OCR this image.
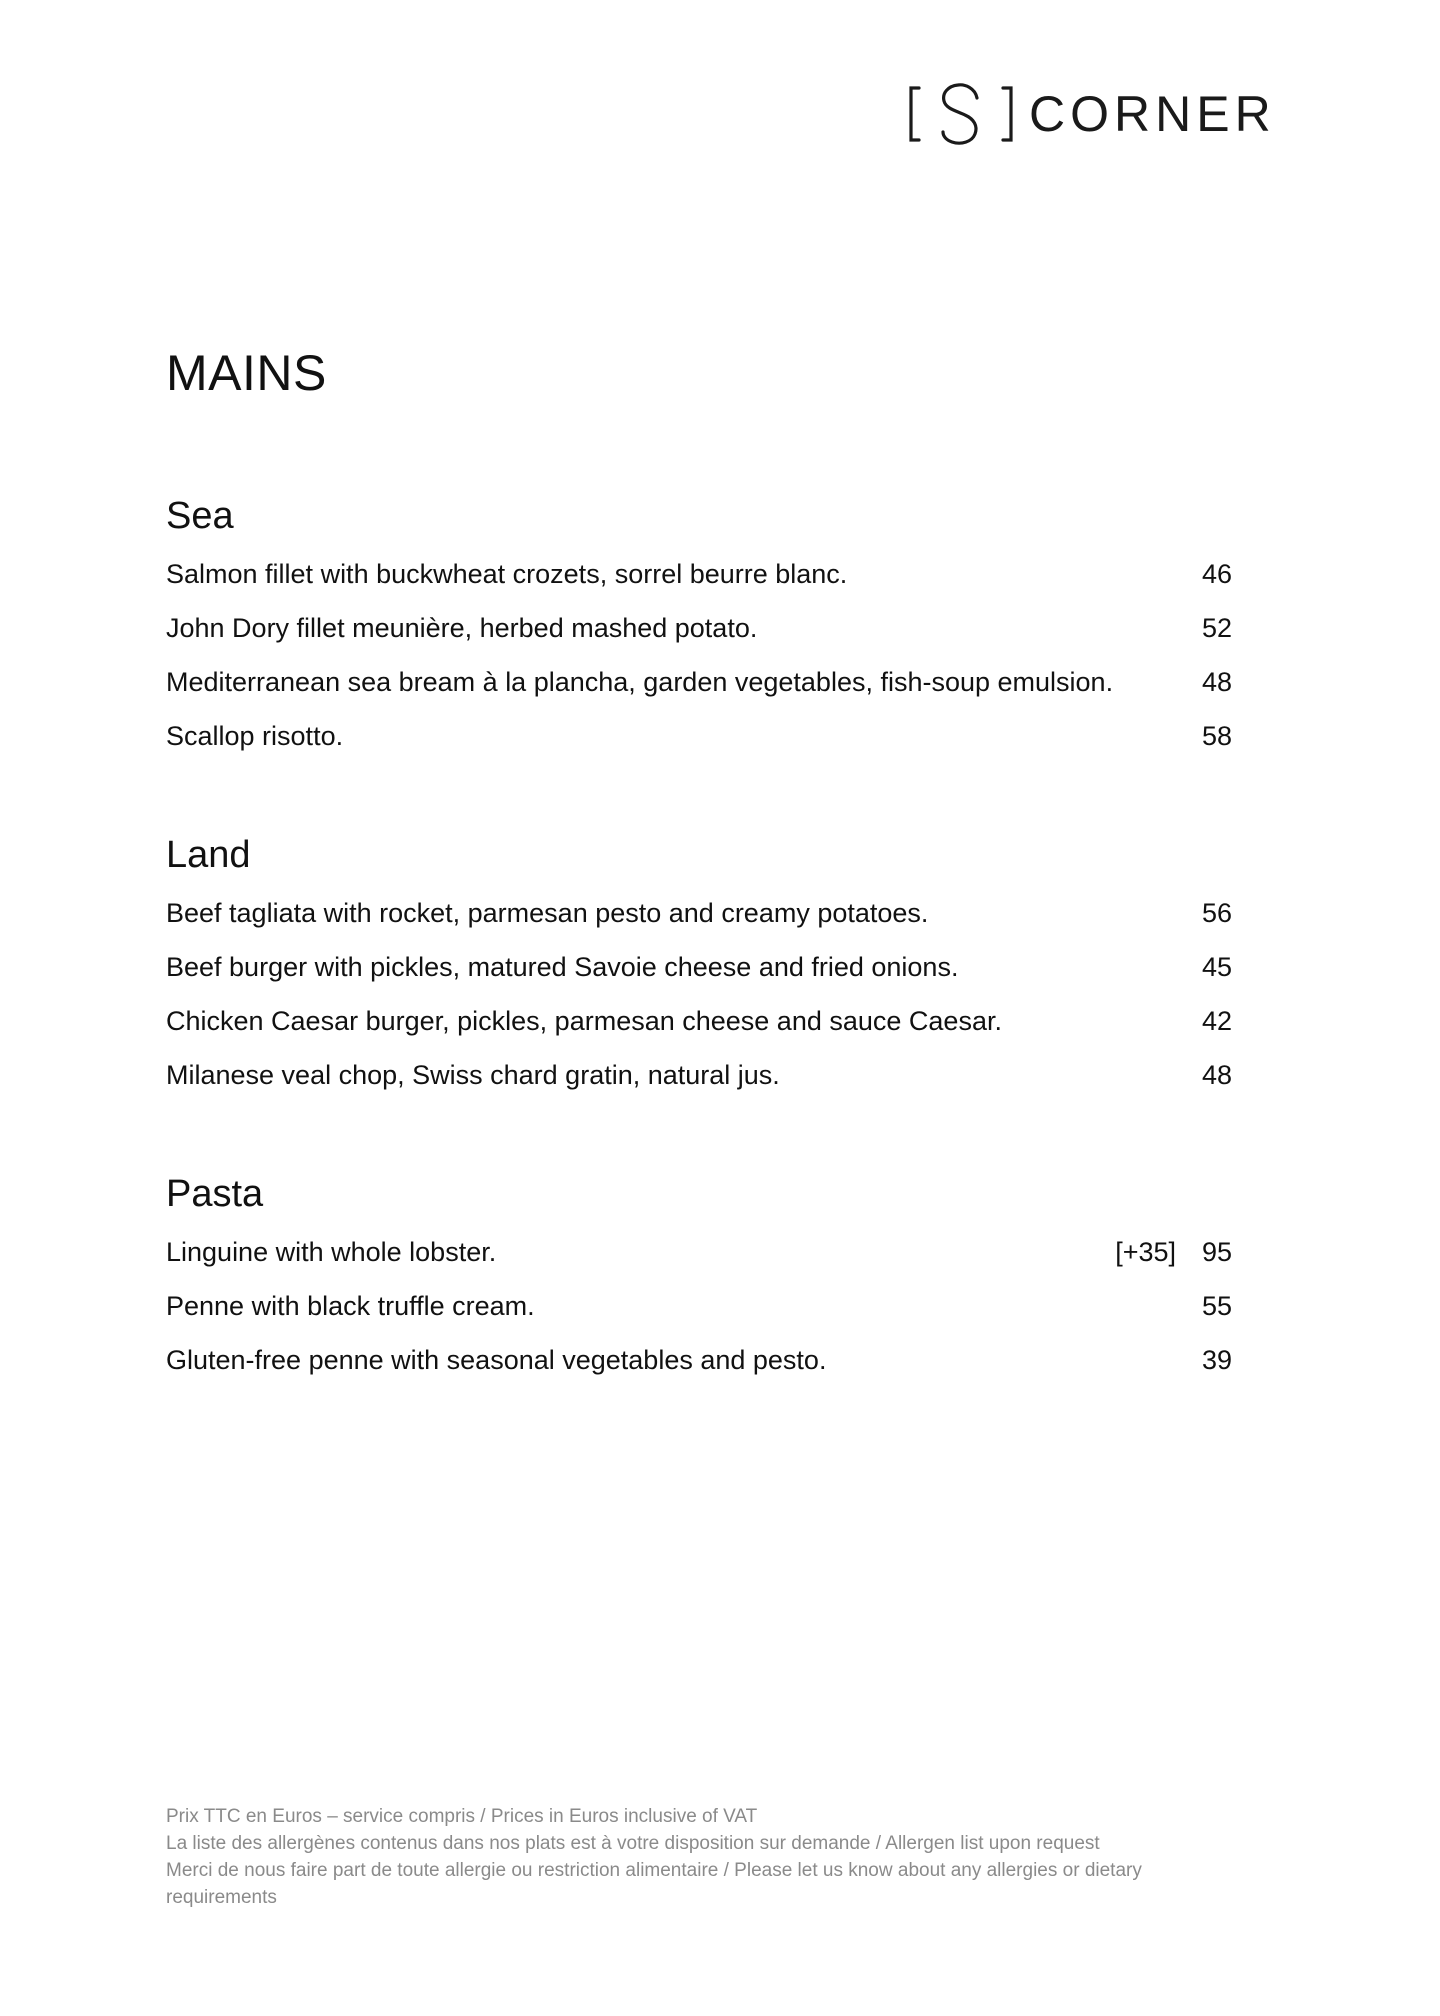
CORNER
MAINS
Sea
Salmon fillet with buckwheat crozets, sorrel beurre blanc.	46
John Dory fillet meunière, herbed mashed potato.	52
Mediterranean sea bream à la plancha, garden vegetables, fish-soup emulsion.	48
Scallop risotto.	58
Land
Beef tagliata with rocket, parmesan pesto and creamy potatoes.	56
Beef burger with pickles, matured Savoie cheese and fried onions.	45
Chicken Caesar burger, pickles, parmesan cheese and sauce Caesar.	42
Milanese veal chop, Swiss chard gratin, natural jus.	48
Pasta
Linguine with whole lobster.	[+35] 95
Penne with black truffle cream.	55
Gluten-free penne with seasonal vegetables and pesto.	39

Prix TTC en Euros – service compris / Prices in Euros inclusive of VAT

La liste des allergènes contenus dans nos plats est à votre disposition sur demande / Allergen list upon request

Merci de nous faire part de toute allergie ou restriction alimentaire / Please let us know about any allergies or dietary requirements
